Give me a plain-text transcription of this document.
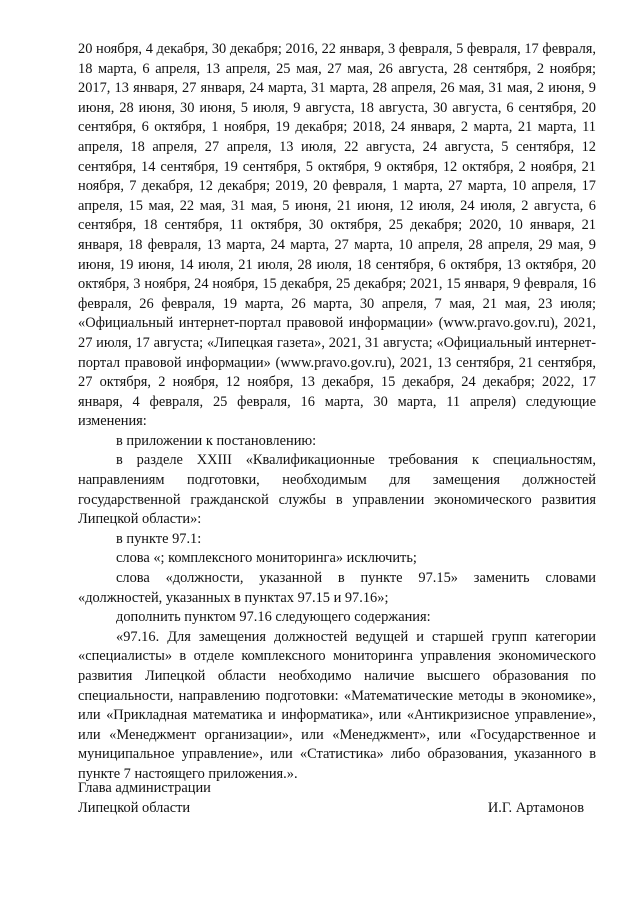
20 ноября, 4 декабря, 30 декабря; 2016, 22 января, 3 февраля, 5 февраля, 17 февраля, 18 марта, 6 апреля, 13 апреля, 25 мая, 27 мая, 26 августа, 28 сентября, 2 ноября; 2017, 13 января, 27 января, 24 марта, 31 марта, 28 апреля, 26 мая, 31 мая, 2 июня, 9 июня, 28 июня, 30 июня, 5 июля, 9 августа, 18 августа, 30 августа, 6 сентября, 20 сентября, 6 октября, 1 ноября, 19 декабря; 2018, 24 января, 2 марта, 21 марта, 11 апреля, 18 апреля, 27 апреля, 13 июля, 22 августа, 24 августа, 5 сентября, 12 сентября, 14 сентября, 19 сентября, 5 октября, 9 октября, 12 октября, 2 ноября, 21 ноября, 7 декабря, 12 декабря; 2019, 20 февраля, 1 марта, 27 марта, 10 апреля, 17 апреля, 15 мая, 22 мая, 31 мая, 5 июня, 21 июня, 12 июля, 24 июля, 2 августа, 6 сентября, 18 сентября, 11 октября, 30 октября, 25 декабря; 2020, 10 января, 21 января, 18 февраля, 13 марта, 24 марта, 27 марта, 10 апреля, 28 апреля, 29 мая, 9 июня, 19 июня, 14 июля, 21 июля, 28 июля, 18 сентября, 6 октября, 13 октября, 20 октября, 3 ноября, 24 ноября, 15 декабря, 25 декабря; 2021, 15 января, 9 февраля, 16 февраля, 26 февраля, 19 марта, 26 марта, 30 апреля, 7 мая, 21 мая, 23 июля; «Официальный интернет-портал правовой информации» (www.pravo.gov.ru), 2021, 27 июля, 17 августа; «Липецкая газета», 2021, 31 августа; «Официальный интернет-портал правовой информации» (www.pravo.gov.ru), 2021, 13 сентября, 21 сентября, 27 октября, 2 ноября, 12 ноября, 13 декабря, 15 декабря, 24 декабря; 2022, 17 января, 4 февраля, 25 февраля, 16 марта, 30 марта, 11 апреля) следующие изменения:

в приложении к постановлению:

в разделе XXIII «Квалификационные требования к специальностям, направлениям подготовки, необходимым для замещения должностей государственной гражданской службы в управлении экономического развития Липецкой области»:

в пункте 97.1:

слова «; комплексного мониторинга» исключить;

слова «должности, указанной в пункте 97.15» заменить словами «должностей, указанных в пунктах 97.15 и 97.16»;

дополнить пунктом 97.16 следующего содержания:

«97.16. Для замещения должностей ведущей и старшей групп категории «специалисты» в отделе комплексного мониторинга управления экономического развития Липецкой области необходимо наличие высшего образования по специальности, направлению подготовки: «Математические методы в экономике», или «Прикладная математика и информатика», или «Антикризисное управление», или «Менеджмент организации», или «Менеджмент», или «Государственное и муниципальное управление», или «Статистика» либо образования, указанного в пункте 7 настоящего приложения.».

Глава администрации
Липецкой области	И.Г. Артамонов
